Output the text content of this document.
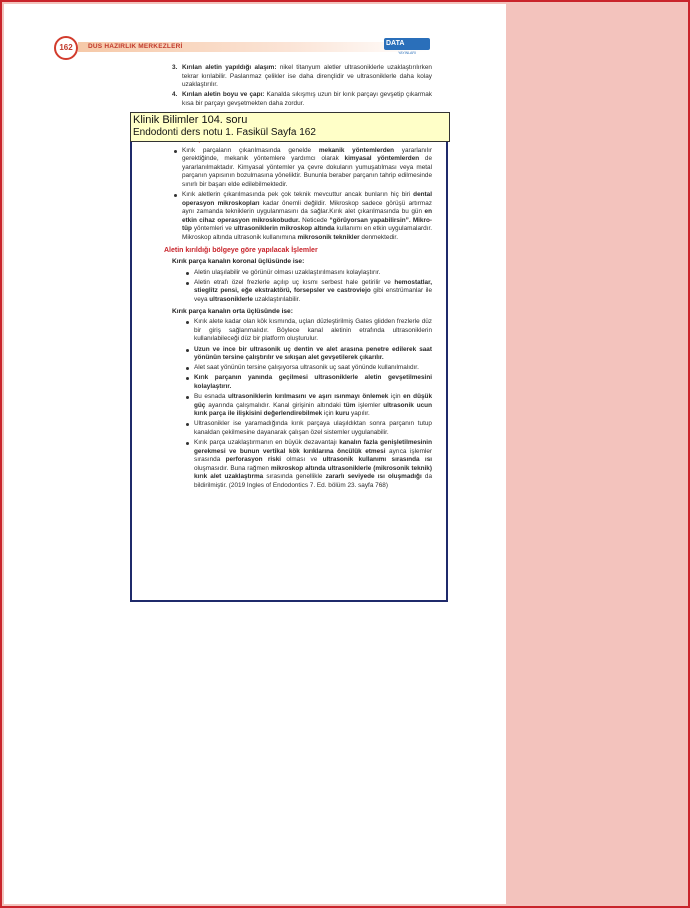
162	DUS HAZIRLIK MERKEZLERİ	DATA
YAYINLARI
3. Kırılan aletin yapıldığı alaşım: nikel titanyum aletler ultrasoniklerle uzaklaştırılırken tekrar kırılabilir. Paslanmaz çelikler ise daha dirençlidir ve ultrasoniklerle daha kolay uzaklaştırılır.
4. Kırılan aletin boyu ve çapı: Kanalda sıkışmış uzun bir kırık parçayı gevşetip çıkarmak kısa bir parçayı gevşetmekten daha zordur.
Kırık parçaların çıkarılmasında genelde mekanik yöntemlerden yararlanılır gerektiğinde, mekanik yöntemlere yardımcı olarak kimyasal yöntemlerden de yararlanılmaktadır. Kimyasal yöntemler ya çevre dokuların yumuşatılması veya metal parçanın yapısının bozulmasına yöneliktir. Bununla beraber parçanın tahrip edilmesinde sınırlı bir başarı elde edilebilmektedir.
Kırık aletlerin çıkarılmasında pek çok teknik mevcuttur ancak bunların hiç biri dental operasyon mikroskopları kadar önemli değildir. Mikroskop sadece görüşü artırmaz aynı zamanda tekniklerin uygulanmasını da sağlar.Kırık alet çıkarılmasında bu gün en etkin cihaz operasyon mikroskobudur. Neticede “görüyorsan yapabilirsin”. Mikro-tüp yöntemleri ve ultrasoniklerin mikroskop altında kullanımı en etkin uygulamalardır. Mikroskop altında ultrasonik kullanımına mikrosonik teknikler denmektedir.
Aletin kırıldığı bölgeye göre yapılacak İşlemler
Kırık parça kanalın koronal üçlüsünde ise:
Aletin ulaşılabilir ve görünür olması uzaklaştırılmasını kolaylaştırır.
Aletin etrafı özel frezlerle açılıp uç kısmı serbest hale getirilir ve hemostatlar, stieglitz pensi, eğe ekstraktörü, forsepsler ve castroviejo gibi enstrümanlar ile veya ultrasoniklerle uzaklaştırılabilir.
Kırık parça kanalın orta üçlüsünde ise:
Kırık alete kadar olan kök kısmında, uçları düzleştirilmiş Gates glidden frezlerle düz bir giriş sağlanmalıdır. Böylece kanal aletinin etrafında ultrasoniklerin kullanılabileceği düz bir platform oluşturulur.
Uzun ve ince bir ultrasonik uç dentin ve alet arasına penetre edilerek saat yönünün tersine çalıştırılır ve sıkışan alet gevşetilerek çıkarılır.
Alet saat yönünün tersine çalışıyorsa ultrasonik uç saat yönünde kullanılmalıdır.
Kırık parçanın yanında geçilmesi ultrasoniklerle aletin gevşetilmesini kolaylaştırır.
Bu esnada ultrasoniklerin kırılmasını ve aşırı ısınmayı önlemek için en düşük güç ayarında çalışmalıdır. Kanal girişinin altındaki tüm işlemler ultrasonik ucun kırık parça ile ilişkisini değerlendirebilmek için kuru yapılır.
Ultrasonikler ise yaramadığında kırık parçaya ulaşıldıktan sonra parçanın tutup kanaldan çekilmesine dayanarak çalışan özel sistemler uygulanabilir.
Kırık parça uzaklaştırmanın en büyük dezavantajı kanalın fazla genişletilmesinin gerekmesi ve bunun vertikal kök kırıklarına öncülük etmesi ayrıca işlemler sırasında perforasyon riski olması ve ultrasonik kullanımı sırasında ısı oluşmasıdır. Buna rağmen mikroskop altında ultrasoniklerle (mikrosonik teknik) kırık alet uzaklaştırma sırasında genellikle zararlı seviyede ısı oluşmadığı da bildirilmiştir. (2019 Ingles of Endodontics 7. Ed. bölüm 23. sayfa 768)
Klinik Bilimler 104. soru
Endodonti ders notu 1. Fasikül Sayfa 162
